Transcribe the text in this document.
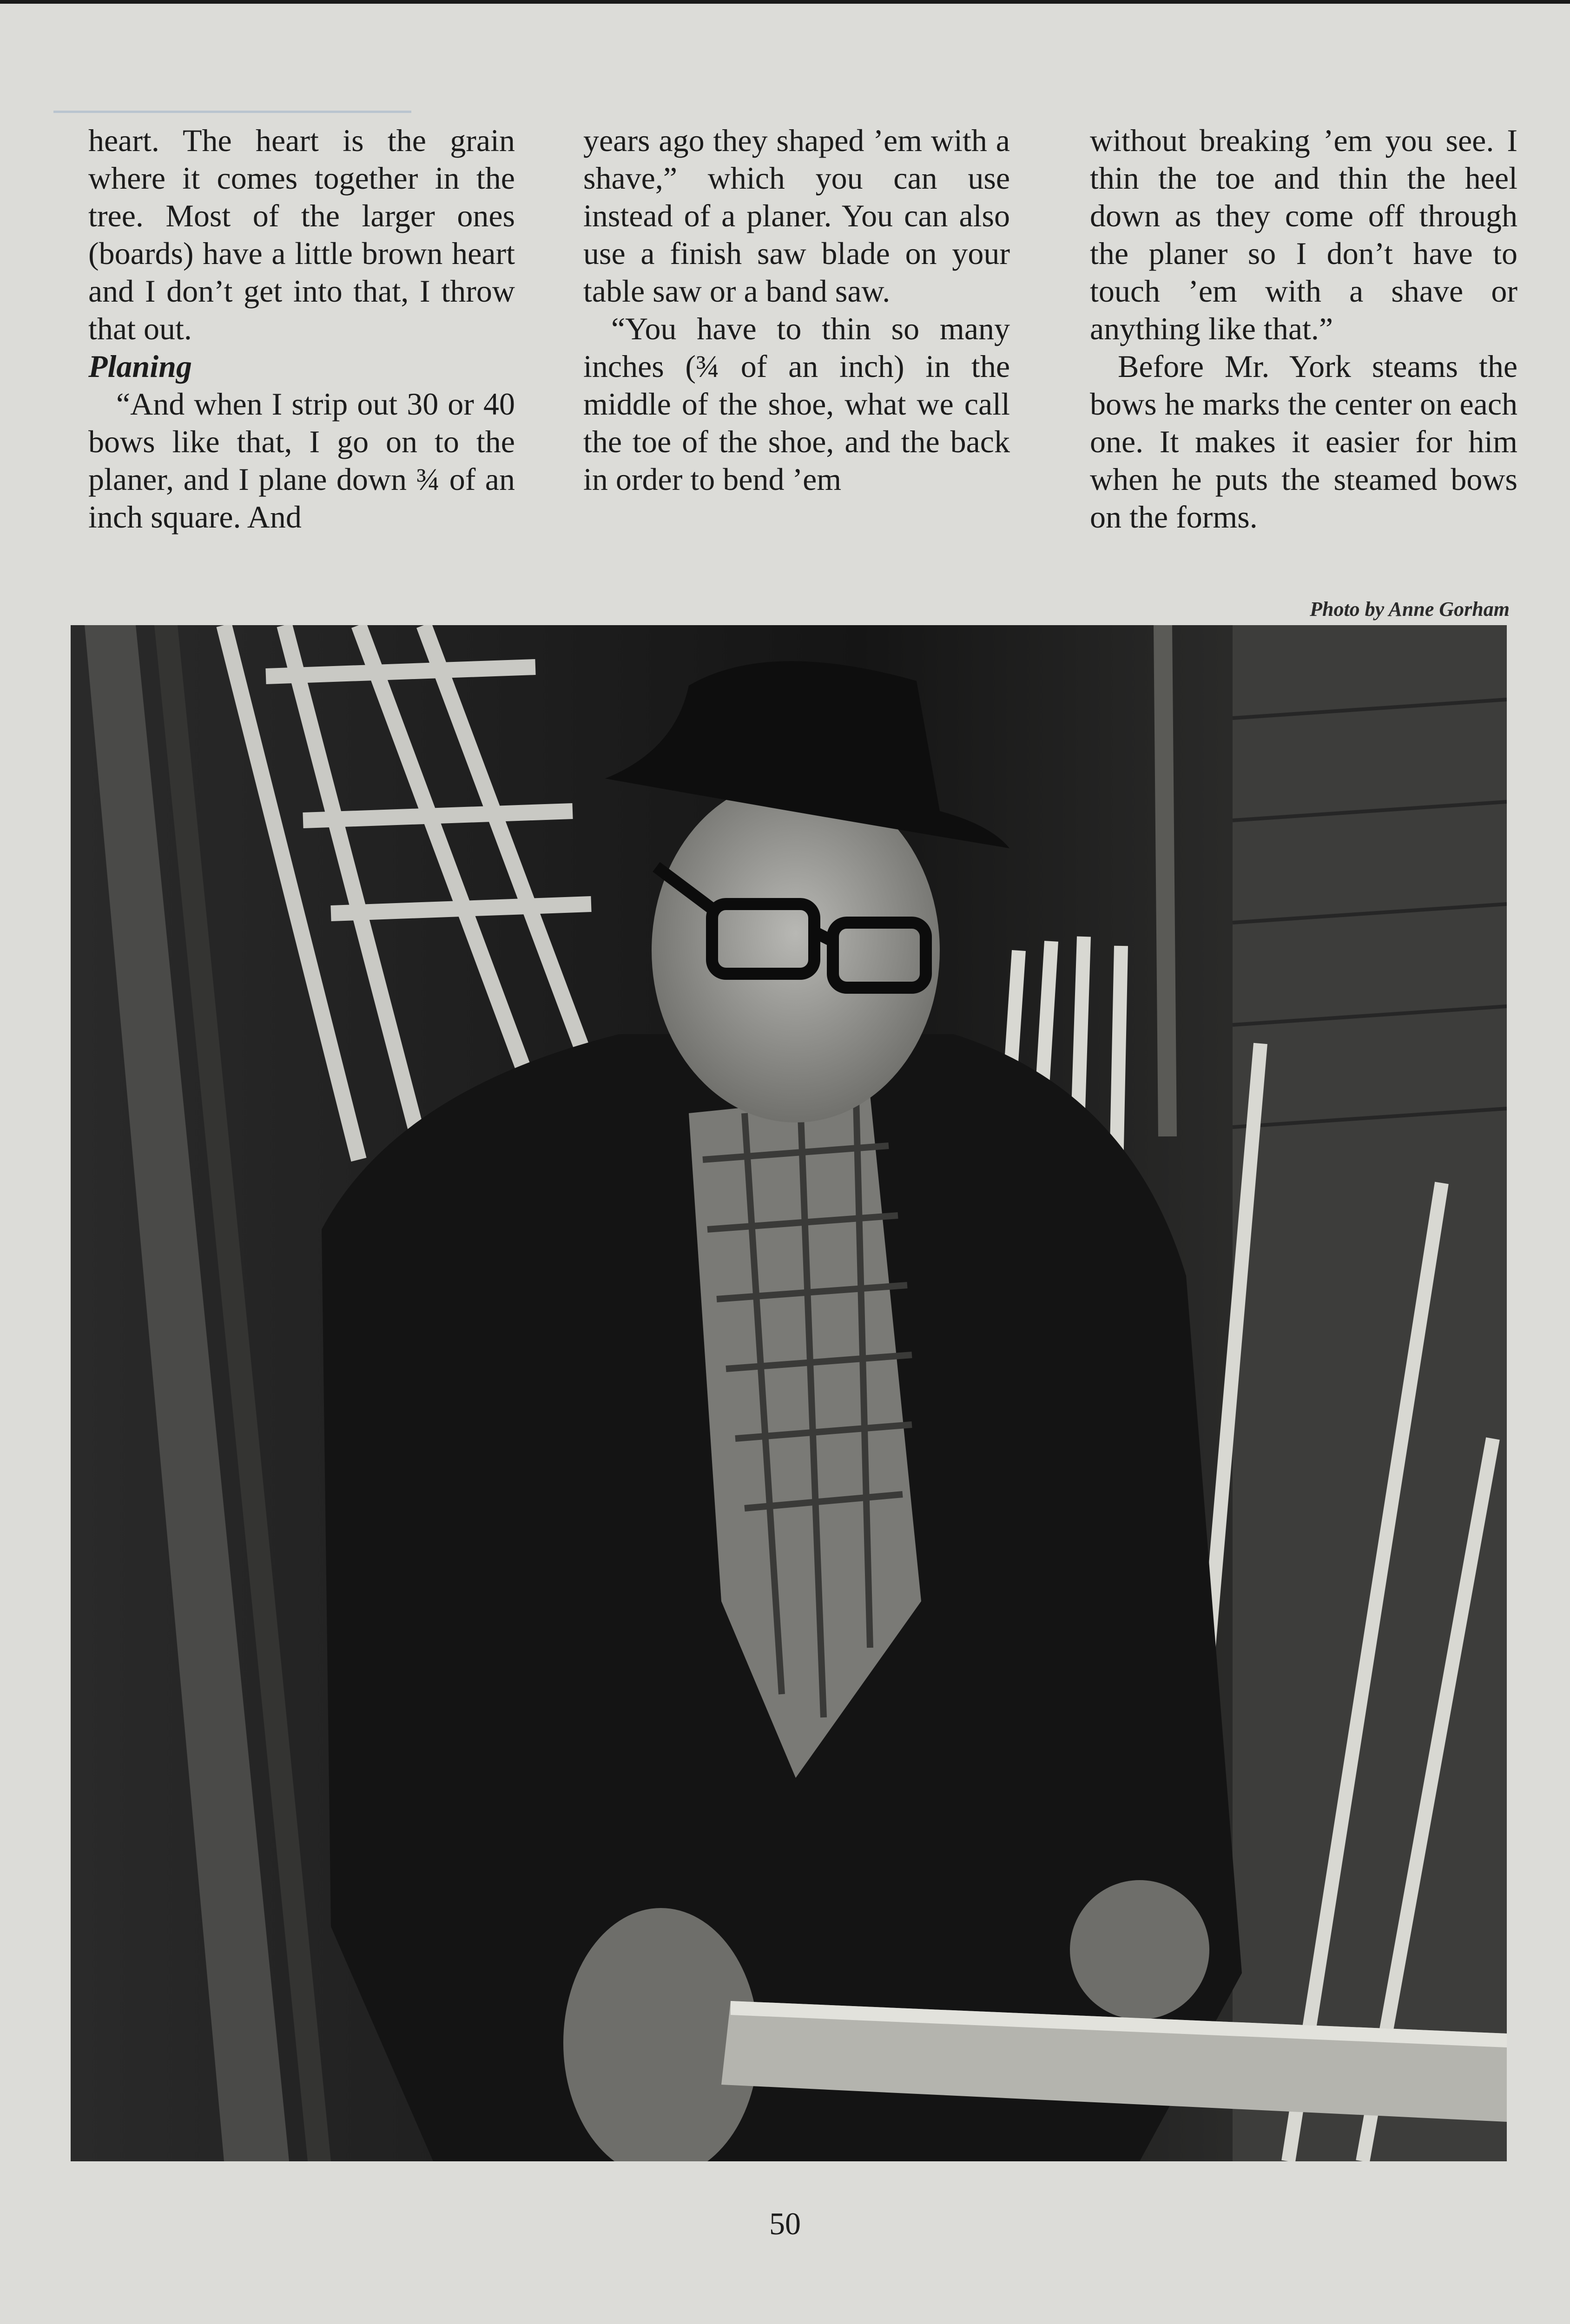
heart. The heart is the grain where it comes together in the tree. Most of the larger ones (boards) have a little brown heart and I don’t get into that, I throw that out.

Planing

“And when I strip out 30 or 40 bows like that, I go on to the planer, and I plane down ¾ of an inch square. And

years ago they shaped ’em with a shave,” which you can use instead of a planer. You can also use a finish saw blade on your table saw or a band saw.

“You have to thin so many inches (¾ of an inch) in the middle of the shoe, what we call the toe of the shoe, and the back in order to bend ’em

without breaking ’em you see. I thin the toe and thin the heel down as they come off through the planer so I don’t have to touch ’em with a shave or anything like that.”

Before Mr. York steams the bows he marks the center on each one. It makes it easier for him when he puts the steamed bows on the forms.

Photo by Anne Gorham
50
